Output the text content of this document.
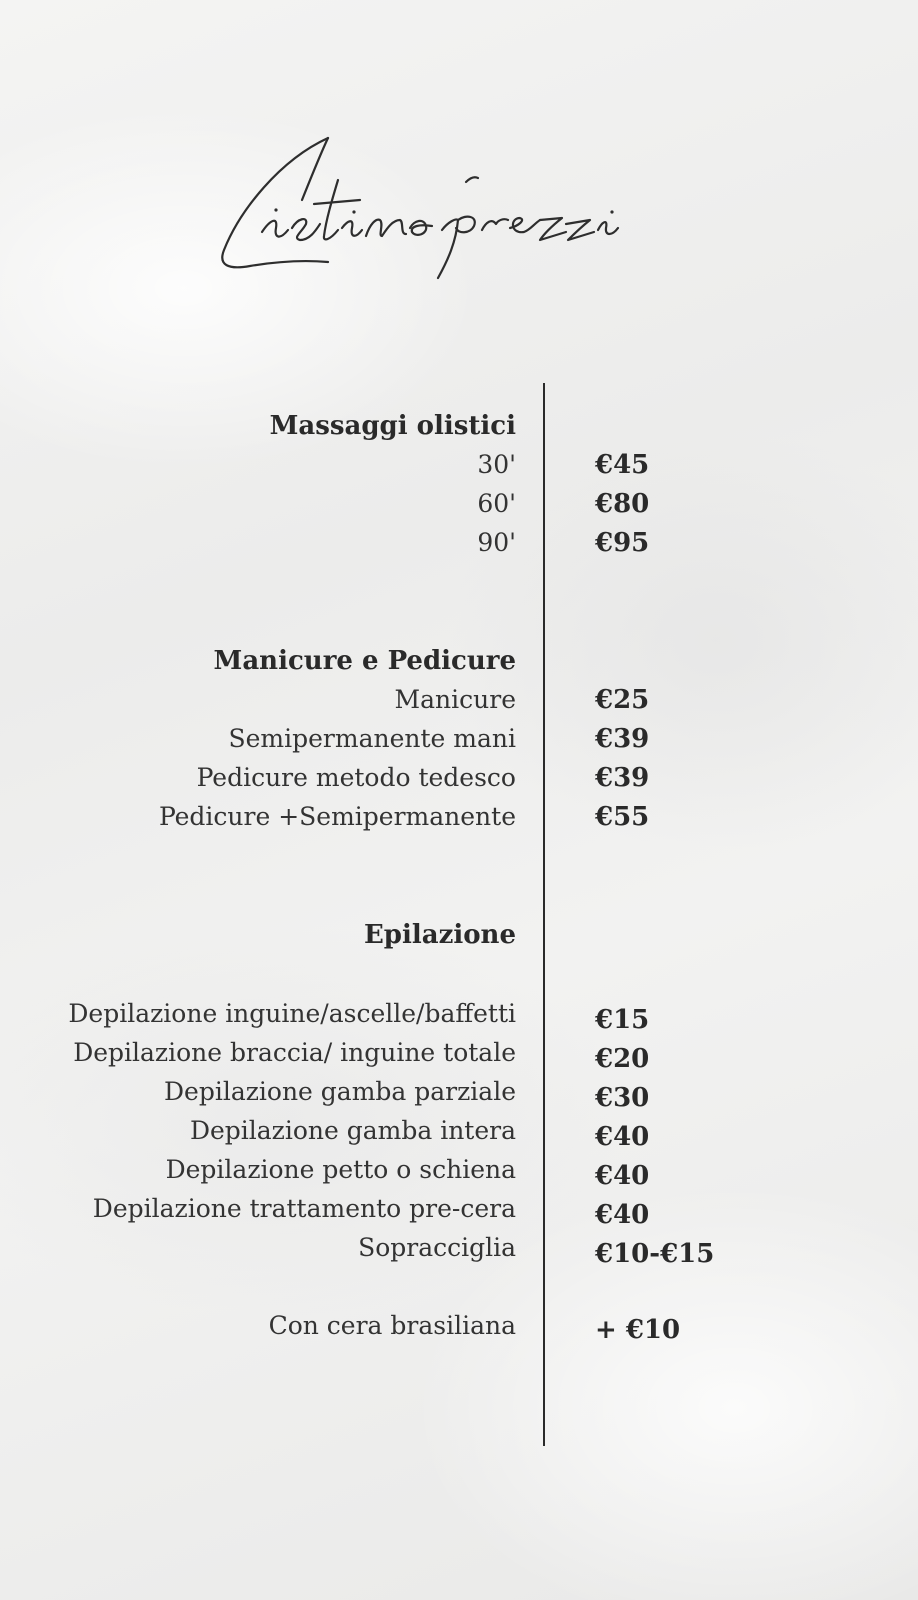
Massaggi olistici
30'	€45
60'	€80
90'	€95
Manicure e Pedicure
Manicure	€25
Semipermanente mani	€39
Pedicure metodo tedesco	€39
Pedicure +Semipermanente	€55
Epilazione
Depilazione inguine/ascelle/baffetti	€15
Depilazione braccia/ inguine totale	€20
Depilazione gamba parziale	€30
Depilazione gamba intera	€40
Depilazione petto o schiena	€40
Depilazione trattamento pre-cera	€40
Sopracciglia	€10-€15
Con cera brasiliana	+ €10
